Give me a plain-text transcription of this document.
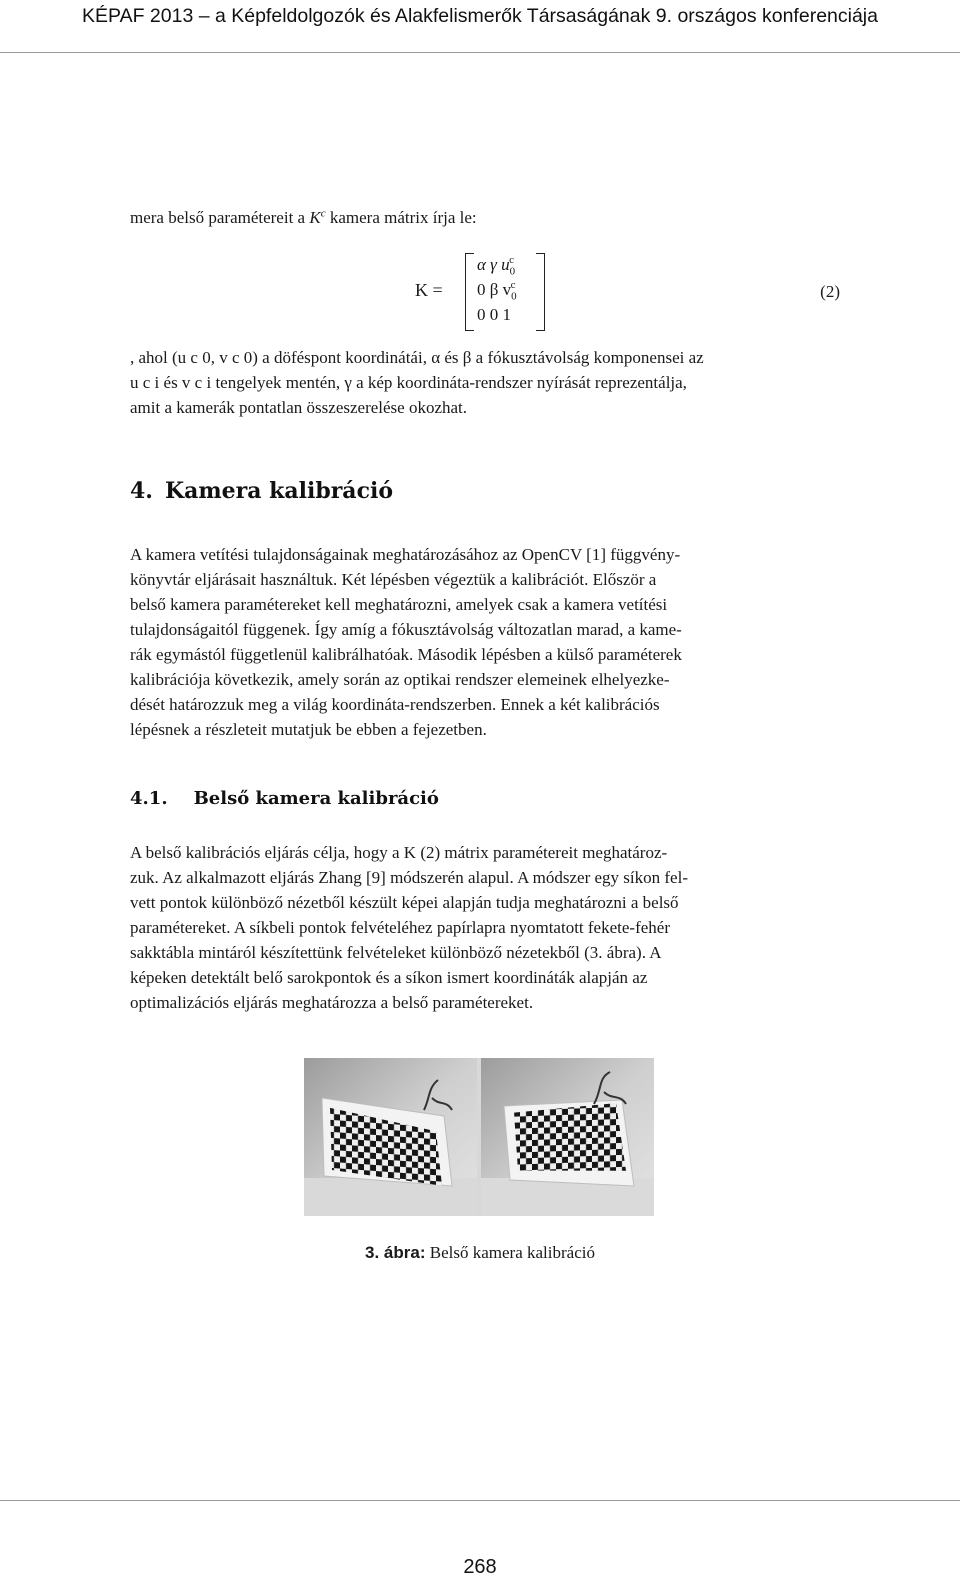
KÉPAF 2013 – a Képfeldolgozók és Alakfelismerők Társaságának 9. országos konferenciája

mera belső paramétereit a $K^c$ kamera mátrix írja le:

K =
α γ $u_0^c$
0 β $v_0^c$
0 0 1
(2)

, ahol (u c 0, v c 0) a döféspont koordinátái, α és β a fókusztávolság komponensei az

u c i és v c i tengelyek mentén, γ a kép koordináta-rendszer nyírását reprezentálja,

amit a kamerák pontatlan összeszerelése okozhat.

4. Kamera kalibráció

A kamera vetítési tulajdonságainak meghatározásához az OpenCV [1] függvény-

könyvtár eljárásait használtuk. Két lépésben végeztük a kalibrációt. Először a

belső kamera paramétereket kell meghatározni, amelyek csak a kamera vetítési

tulajdonságaitól függenek. Így amíg a fókusztávolság változatlan marad, a kame-

rák egymástól függetlenül kalibrálhatóak. Második lépésben a külső paraméterek

kalibrációja következik, amely során az optikai rendszer elemeinek elhelyezke-

dését határozzuk meg a világ koordináta-rendszerben. Ennek a két kalibrációs

lépésnek a részleteit mutatjuk be ebben a fejezetben.

4.1. Belső kamera kalibráció

A belső kalibrációs eljárás célja, hogy a K (2) mátrix paramétereit meghatároz-

zuk. Az alkalmazott eljárás Zhang [9] módszerén alapul. A módszer egy síkon fel-

vett pontok különböző nézetből készült képei alapján tudja meghatározni a belső

paramétereket. A síkbeli pontok felvételéhez papírlapra nyomtatott fekete-fehér

sakktábla mintáról készítettünk felvételeket különböző nézetekből (3. ábra). A

képeken detektált belő sarokpontok és a síkon ismert koordináták alapján az

optimalizációs eljárás meghatározza a belső paramétereket.

3. ábra: Belső kamera kalibráció
268
